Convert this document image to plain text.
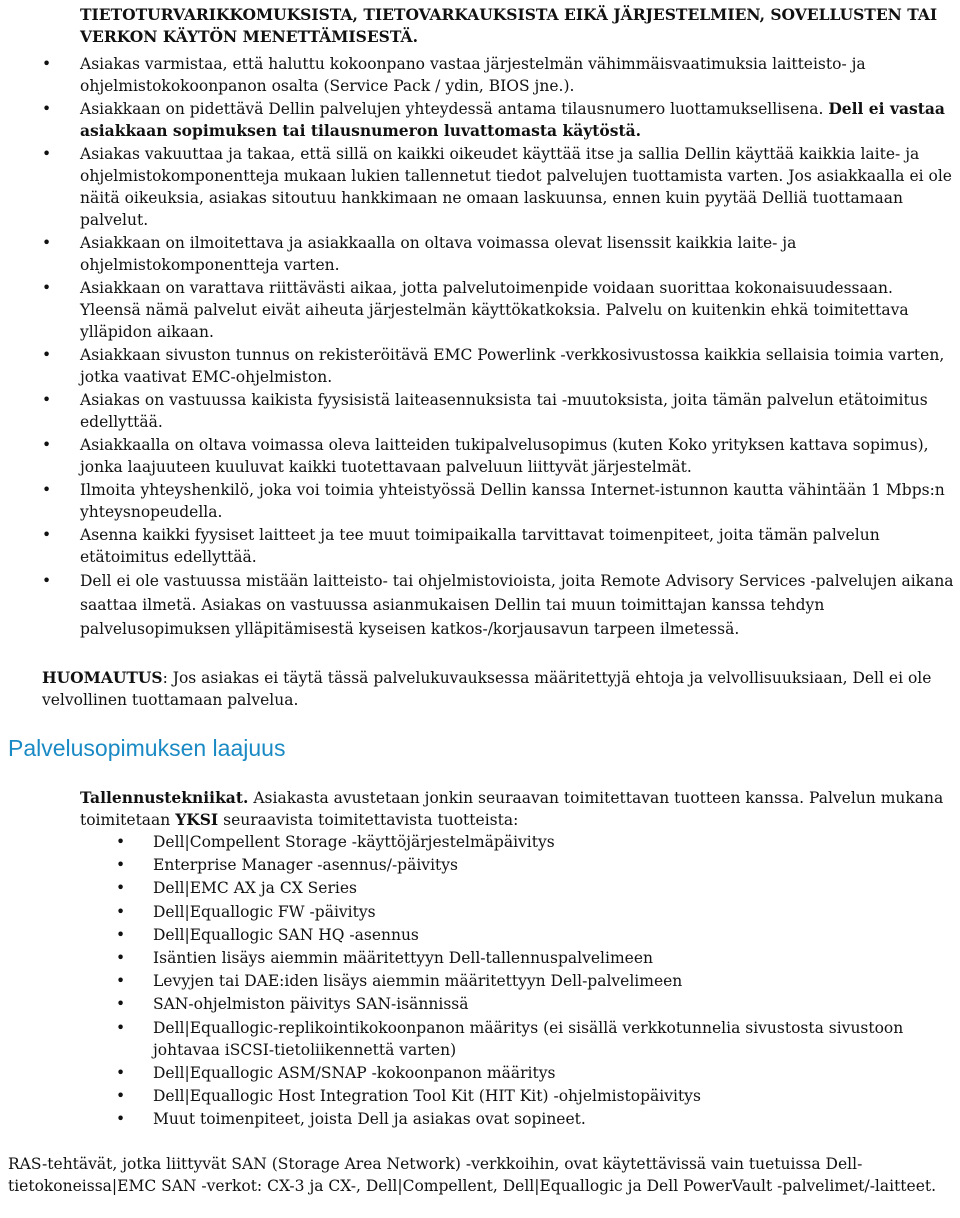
TIETOTURVARIKKOMUKSISTA, TIETOVARKAUKSISTA EIKÄ JÄRJESTELMIEN, SOVELLUSTEN TAI VERKON KÄYTÖN MENETTÄMISESTÄ.
• Asiakas varmistaa, että haluttu kokoonpano vastaa järjestelmän vähimmäisvaatimuksia laitteisto- ja ohjelmistokokoonpanon osalta (Service Pack / ydin, BIOS jne.).
• Asiakkaan on pidettävä Dellin palvelujen yhteydessä antama tilausnumero luottamuksellisena. Dell ei vastaa asiakkaan sopimuksen tai tilausnumeron luvattomasta käytöstä.
• Asiakas vakuuttaa ja takaa, että sillä on kaikki oikeudet käyttää itse ja sallia Dellin käyttää kaikkia laite- ja ohjelmistokomponentteja mukaan lukien tallennetut tiedot palvelujen tuottamista varten. Jos asiakkaalla ei ole näitä oikeuksia, asiakas sitoutuu hankkimaan ne omaan laskuunsa, ennen kuin pyytää Delliä tuottamaan palvelut.
• Asiakkaan on ilmoitettava ja asiakkaalla on oltava voimassa olevat lisenssit kaikkia laite- ja ohjelmistokomponentteja varten.
• Asiakkaan on varattava riittävästi aikaa, jotta palvelutoimenpide voidaan suorittaa kokonaisuudessaan. Yleensä nämä palvelut eivät aiheuta järjestelmän käyttökatkoksia. Palvelu on kuitenkin ehkä toimitettava ylläpidon aikaan.
• Asiakkaan sivuston tunnus on rekisteröitävä EMC Powerlink -verkkosivustossa kaikkia sellaisia toimia varten, jotka vaativat EMC-ohjelmiston.
• Asiakas on vastuussa kaikista fyysisistä laiteasennuksista tai -muutoksista, joita tämän palvelun etätoimitus edellyttää.
• Asiakkaalla on oltava voimassa oleva laitteiden tukipalvelusopimus (kuten Koko yrityksen kattava sopimus), jonka laajuuteen kuuluvat kaikki tuotettavaan palveluun liittyvät järjestelmät.
• Ilmoita yhteyshenkilö, joka voi toimia yhteistyössä Dellin kanssa Internet-istunnon kautta vähintään 1 Mbps:n yhteysnopeudella.
• Asenna kaikki fyysiset laitteet ja tee muut toimipaikalla tarvittavat toimenpiteet, joita tämän palvelun etätoimitus edellyttää.
• Dell ei ole vastuussa mistään laitteisto- tai ohjelmistovioista, joita Remote Advisory Services -palvelujen aikana saattaa ilmetä. Asiakas on vastuussa asianmukaisen Dellin tai muun toimittajan kanssa tehdyn palvelusopimuksen ylläpitämisestä kyseisen katkos-/korjausavun tarpeen ilmetessä.
HUOMAUTUS: Jos asiakas ei täytä tässä palvelukuvauksessa määritettyjä ehtoja ja velvollisuuksiaan, Dell ei ole velvollinen tuottamaan palvelua.
Palvelusopimuksen laajuus
Tallennustekniikat. Asiakasta avustetaan jonkin seuraavan toimitettavan tuotteen kanssa. Palvelun mukana toimitetaan YKSI seuraavista toimitettavista tuotteista:
• Dell|Compellent Storage -käyttöjärjestelmäpäivitys
• Enterprise Manager -asennus/-päivitys
• Dell|EMC AX ja CX Series
• Dell|Equallogic FW -päivitys
• Dell|Equallogic SAN HQ -asennus
• Isäntien lisäys aiemmin määritettyyn Dell-tallennuspalvelimeen
• Levyjen tai DAE:iden lisäys aiemmin määritettyyn Dell-palvelimeen
• SAN-ohjelmiston päivitys SAN-isännissä
• Dell|Equallogic-replikointikokoonpanon määritys (ei sisällä verkkotunnelia sivustosta sivustoon johtavaa iSCSI-tietoliikennettä varten)
• Dell|Equallogic ASM/SNAP -kokoonpanon määritys
• Dell|Equallogic Host Integration Tool Kit (HIT Kit) -ohjelmistopäivitys
• Muut toimenpiteet, joista Dell ja asiakas ovat sopineet.
RAS-tehtävät, jotka liittyvät SAN (Storage Area Network) -verkkoihin, ovat käytettävissä vain tuetuissa Dell-tietokoneissa|EMC SAN -verkot: CX-3 ja CX-, Dell|Compellent, Dell|Equallogic ja Dell PowerVault -palvelimet/-laitteet.
